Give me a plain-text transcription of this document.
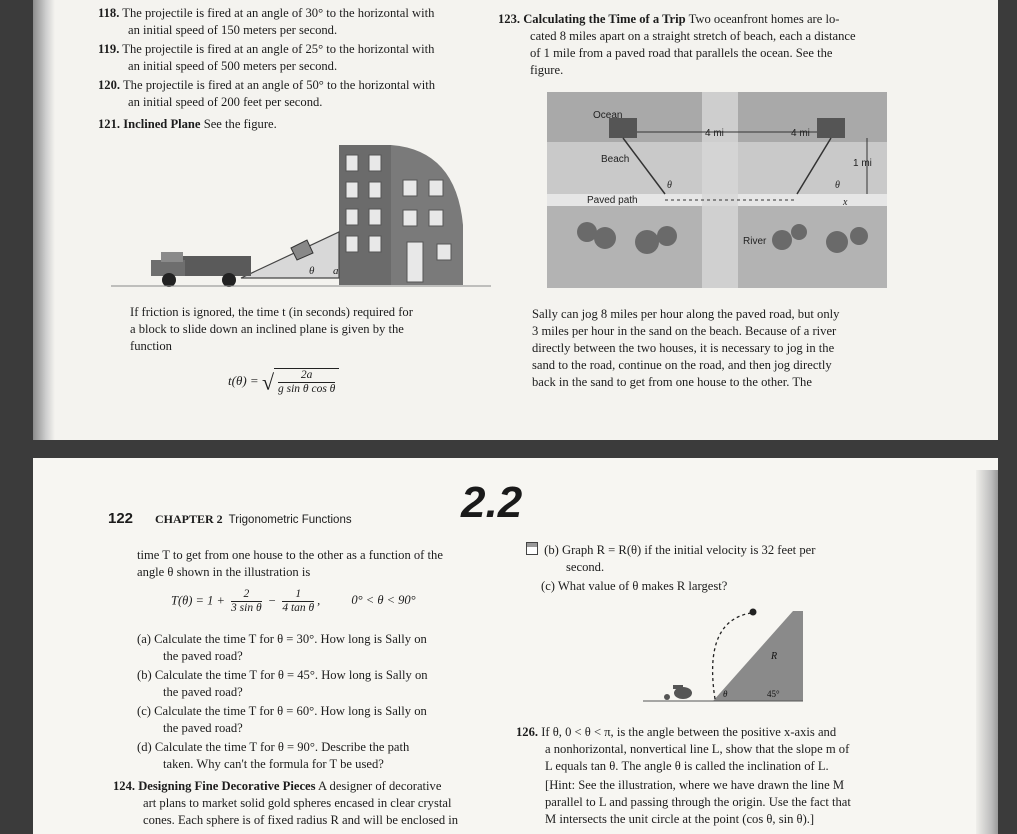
118. The projectile is fired at an angle of 30° to the horizontal with
an initial speed of 150 meters per second.
119. The projectile is fired at an angle of 25° to the horizontal with
an initial speed of 500 meters per second.
120. The projectile is fired at an angle of 50° to the horizontal with
an initial speed of 200 feet per second.
121. Inclined Plane See the figure.
θ a
If friction is ignored, the time t (in seconds) required for
a block to slide down an inclined plane is given by the
function
t(θ) = √ $\frac{2a}{\text{g sin θ cos θ}}$
123. Calculating the Time of a Trip Two oceanfront homes are lo-
cated 8 miles apart on a straight stretch of beach, each a distance
of 1 mile from a paved road that parallels the ocean. See the
figure.
Ocean
Beach
Paved path
River
4 mi	4 mi
1 mi
θ	θ
x
Sally can jog 8 miles per hour along the paved road, but only
3 miles per hour in the sand on the beach. Because of a river
directly between the two houses, it is necessary to jog in the
sand to the road, continue on the road, and then jog directly
back in the sand to get from one house to the other. The
122 CHAPTER 2 Trigonometric Functions 2.2
time T to get from one house to the other as a function of the
angle θ shown in the illustration is
$T(\theta) = 1 + \frac{2}{\text{3 sin θ}} - \frac{1}{\text{4 tan θ}}$ , 0° < θ < 90°
(a) Calculate the time T for θ = 30°. How long is Sally on
the paved road?
(b) Calculate the time T for θ = 45°. How long is Sally on
the paved road?
(c) Calculate the time T for θ = 60°. How long is Sally on
the paved road?
(d) Calculate the time T for θ = 90°. Describe the path
taken. Why can't the formula for T be used?
124. Designing Fine Decorative Pieces A designer of decorative
art plans to market solid gold spheres encased in clear crystal
cones. Each sphere is of fixed radius R and will be enclosed in
(b) Graph R = R(θ) if the initial velocity is 32 feet per
second.
(c) What value of θ makes R largest?
R
45°
θ
126. If θ, 0 < θ < π, is the angle between the positive x-axis and
a nonhorizontal, nonvertical line L, show that the slope m of
L equals tan θ. The angle θ is called the inclination of L.
[Hint: See the illustration, where we have drawn the line M
parallel to L and passing through the origin. Use the fact that
M intersects the unit circle at the point (cos θ, sin θ).]
